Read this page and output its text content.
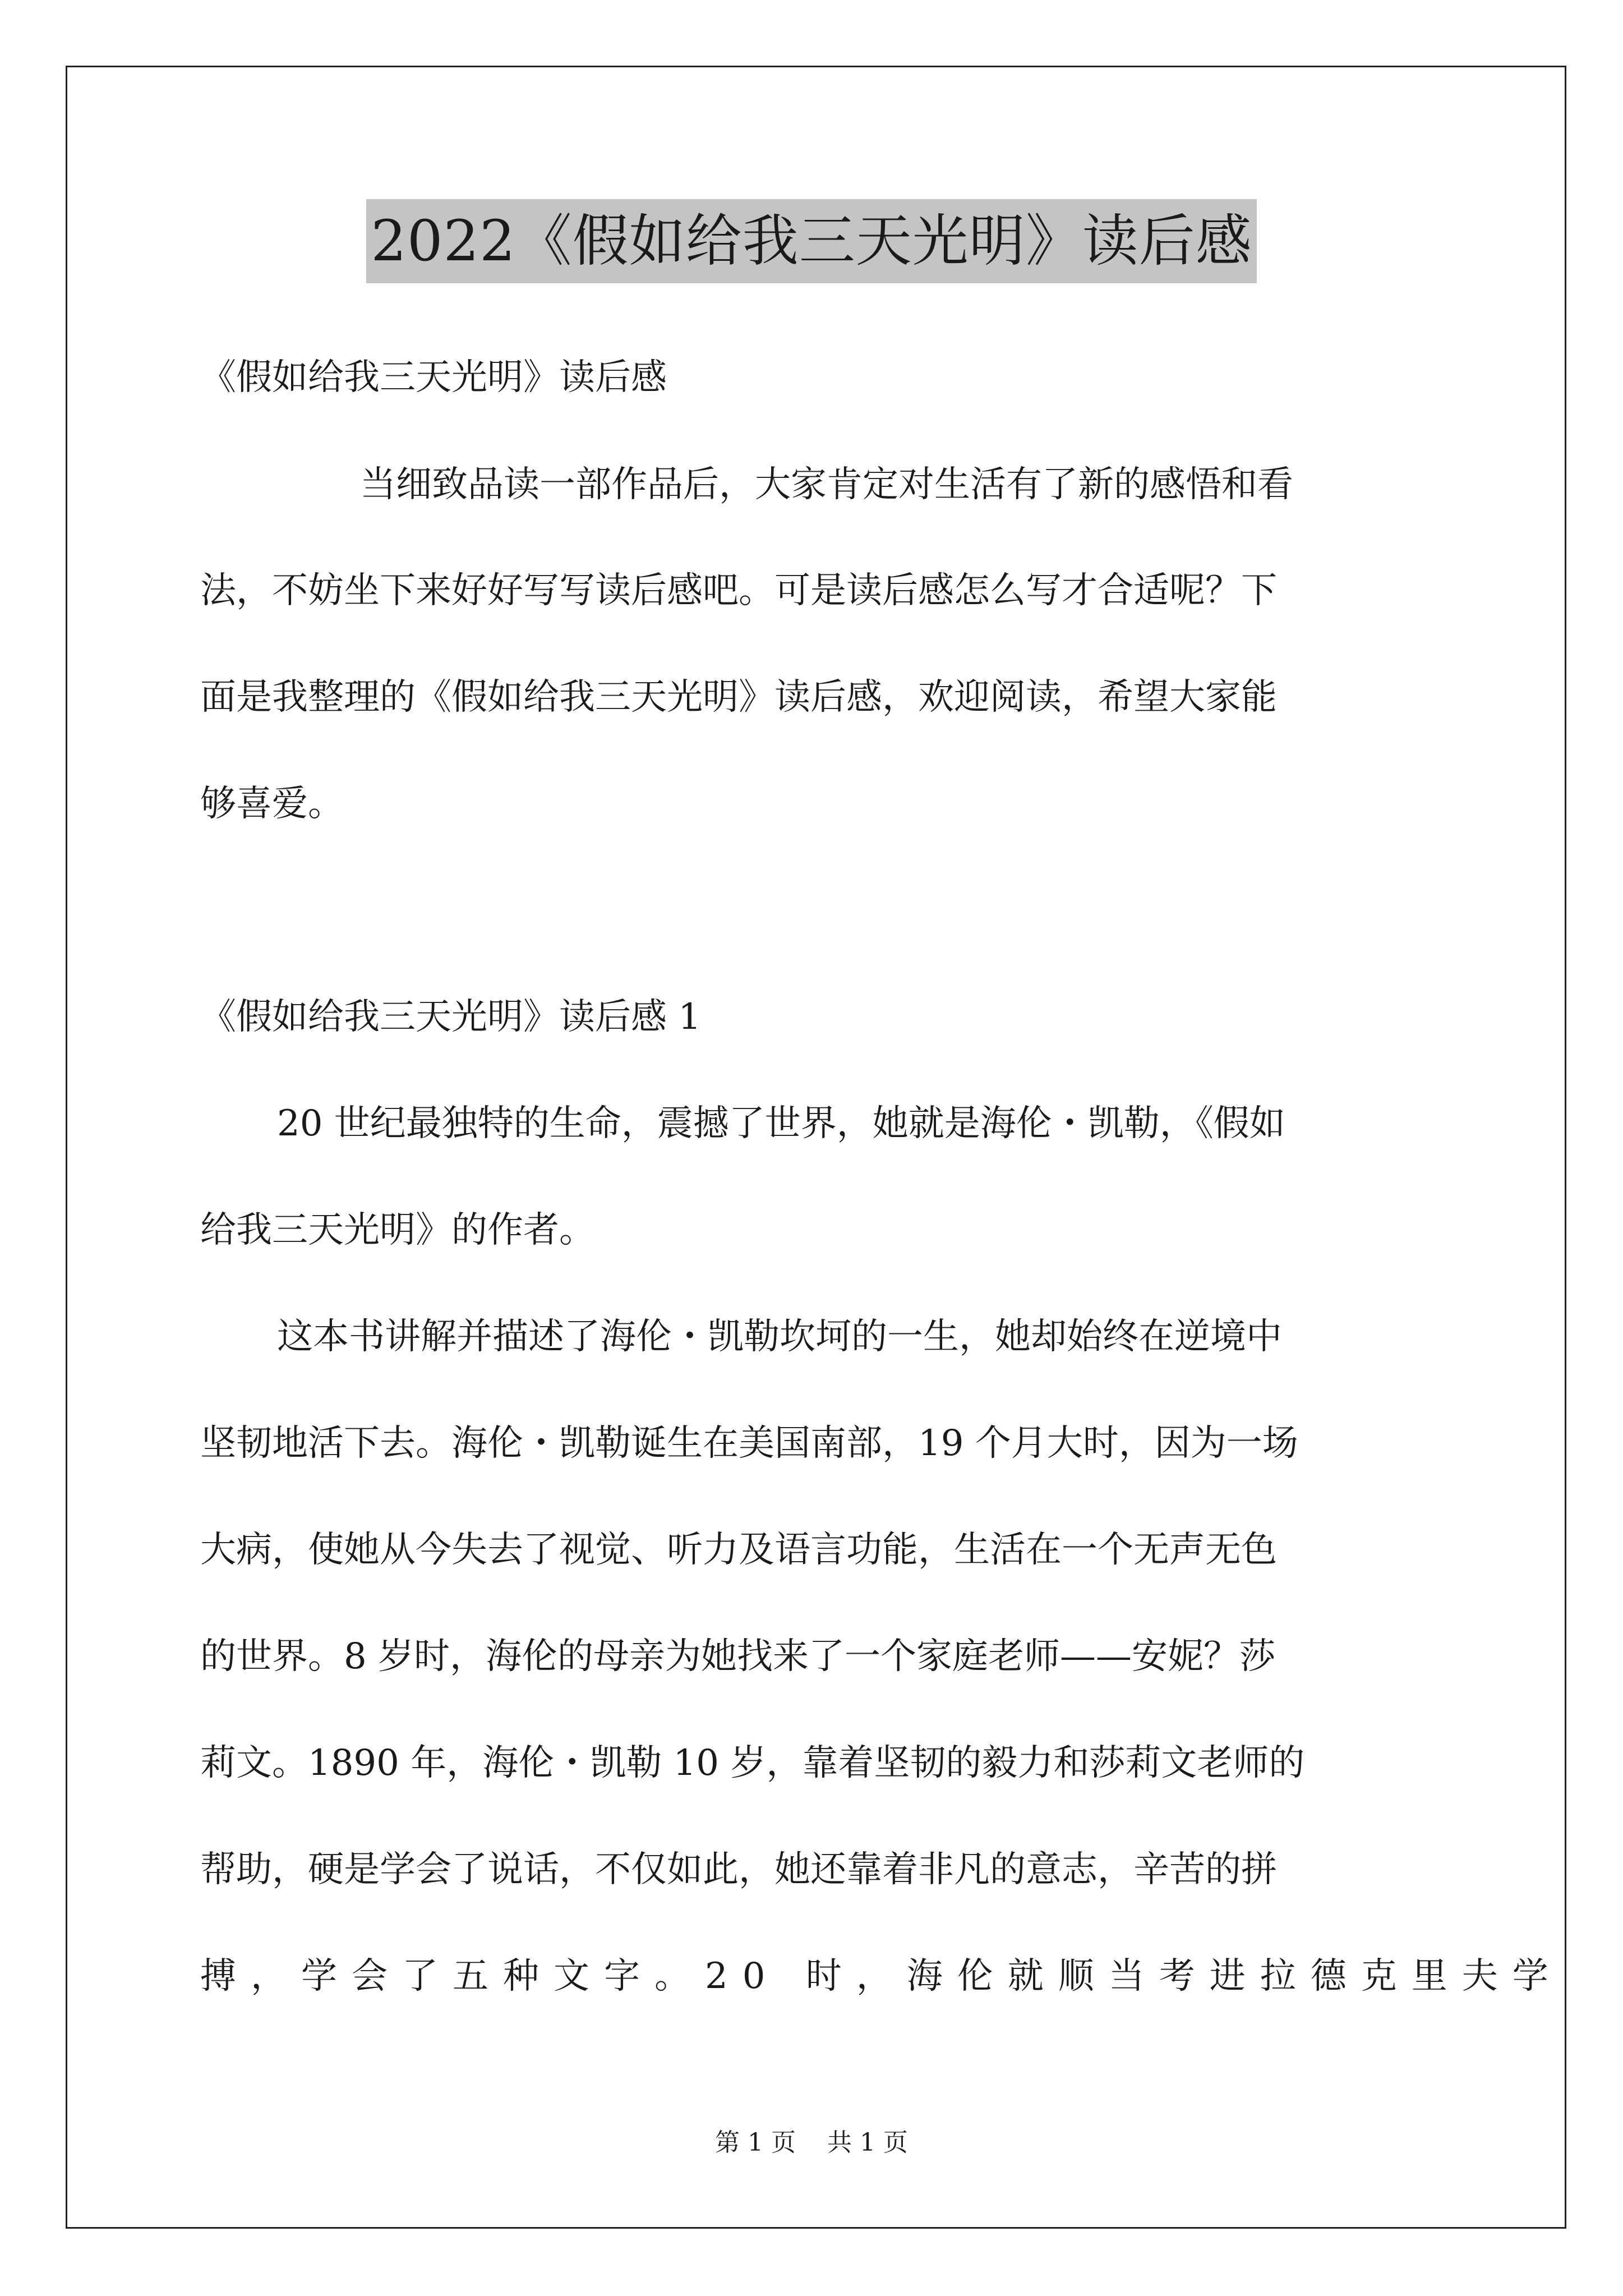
2022《假如给我三天光明》读后感
《假如给我三天光明》读后感
当细致品读一部作品后，大家肯定对生活有了新的感悟和看
法，不妨坐下来好好写写读后感吧。可是读后感怎么写才合适呢？下
面是我整理的《假如给我三天光明》读后感，欢迎阅读，希望大家能
够喜爱。
《假如给我三天光明》读后感 1
20 世纪最独特的生命，震撼了世界，她就是海伦・凯勒，《假如
给我三天光明》的作者。
这本书讲解并描述了海伦・凯勒坎坷的一生，她却始终在逆境中
坚韧地活下去。海伦・凯勒诞生在美国南部，19 个月大时，因为一场
大病，使她从今失去了视觉、听力及语言功能，生活在一个无声无色
的世界。8 岁时，海伦的母亲为她找来了一个家庭老师——安妮？莎
莉文。1890 年，海伦・凯勒 10 岁，靠着坚韧的毅力和莎莉文老师的
帮助，硬是学会了说话，不仅如此，她还靠着非凡的意志，辛苦的拼
搏，学会了五种文字。20 时，海伦就顺当考进拉德克里夫学
第 1 页    共 1 页
